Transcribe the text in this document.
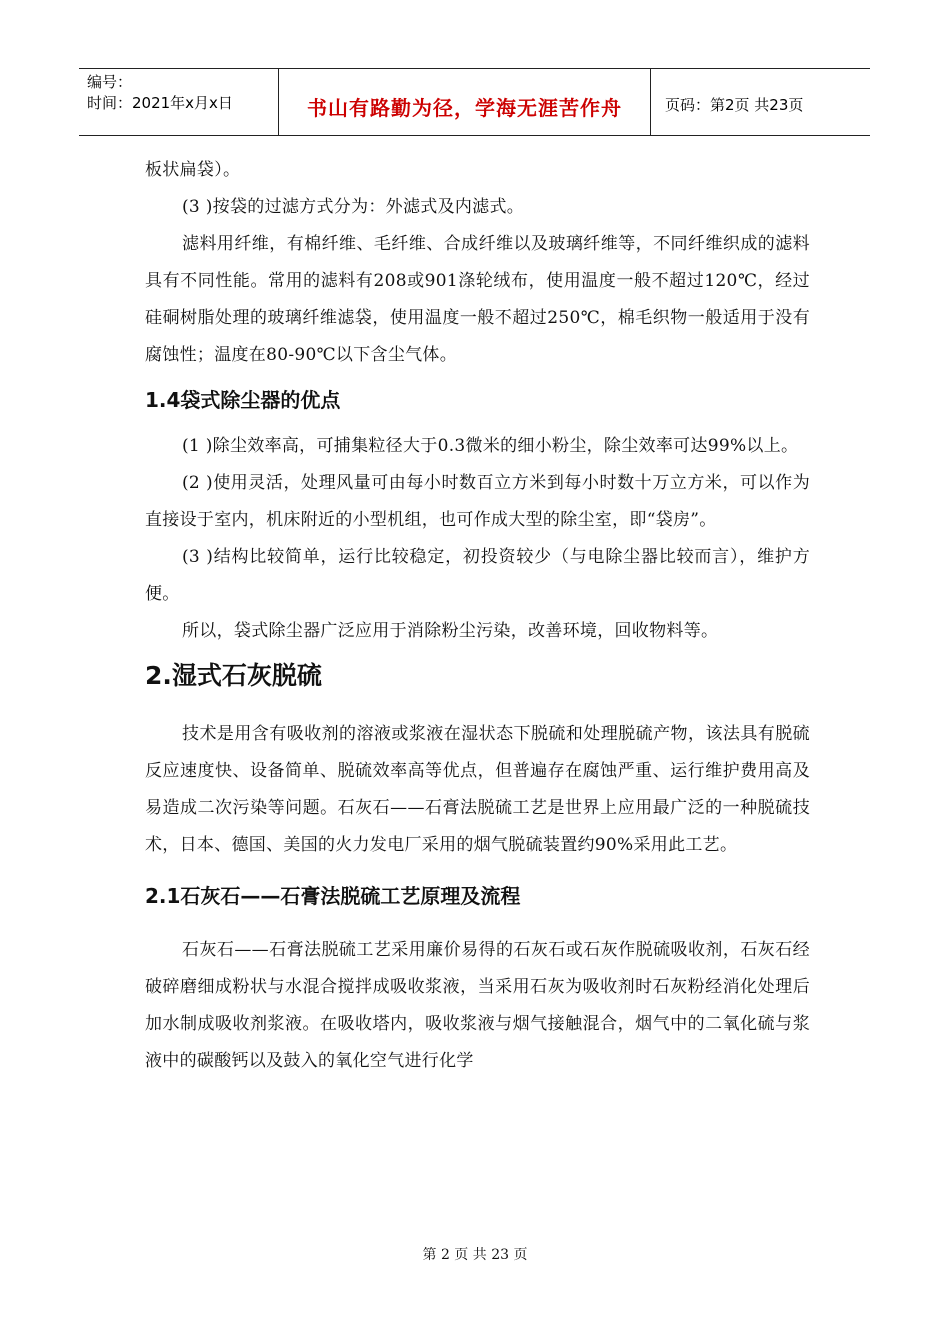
编号：
时间：2021年x月x日	书山有路勤为径，学海无涯苦作舟	页码：第2页 共23页

板状扁袋）。

(3 )按袋的过滤方式分为：外滤式及内滤式。

滤料用纤维，有棉纤维、毛纤维、合成纤维以及玻璃纤维等，不同纤维织成的滤料具有不同性能。常用的滤料有208或901涤轮绒布，使用温度一般不超过120℃，经过硅硐树脂处理的玻璃纤维滤袋，使用温度一般不超过250℃，棉毛织物一般适用于没有腐蚀性；温度在80-90℃以下含尘气体。

1.4袋式除尘器的优点

(1 )除尘效率高，可捕集粒径大于0.3微米的细小粉尘，除尘效率可达99%以上。

(2 )使用灵活，处理风量可由每小时数百立方米到每小时数十万立方米，可以作为直接设于室内，机床附近的小型机组，也可作成大型的除尘室，即“袋房”。

(3 )结构比较简单，运行比较稳定，初投资较少（与电除尘器比较而言），维护方便。

所以，袋式除尘器广泛应用于消除粉尘污染，改善环境，回收物料等。

2.湿式石灰脱硫

技术是用含有吸收剂的溶液或浆液在湿状态下脱硫和处理脱硫产物，该法具有脱硫反应速度快、设备简单、脱硫效率高等优点，但普遍存在腐蚀严重、运行维护费用高及易造成二次污染等问题。石灰石——石膏法脱硫工艺是世界上应用最广泛的一种脱硫技术，日本、德国、美国的火力发电厂采用的烟气脱硫装置约90%采用此工艺。

2.1石灰石——石膏法脱硫工艺原理及流程

石灰石——石膏法脱硫工艺采用廉价易得的石灰石或石灰作脱硫吸收剂，石灰石经破碎磨细成粉状与水混合搅拌成吸收浆液，当采用石灰为吸收剂时石灰粉经消化处理后加水制成吸收剂浆液。在吸收塔内，吸收浆液与烟气接触混合，烟气中的二氧化硫与浆液中的碳酸钙以及鼓入的氧化空气进行化学

第 2 页 共 23 页
